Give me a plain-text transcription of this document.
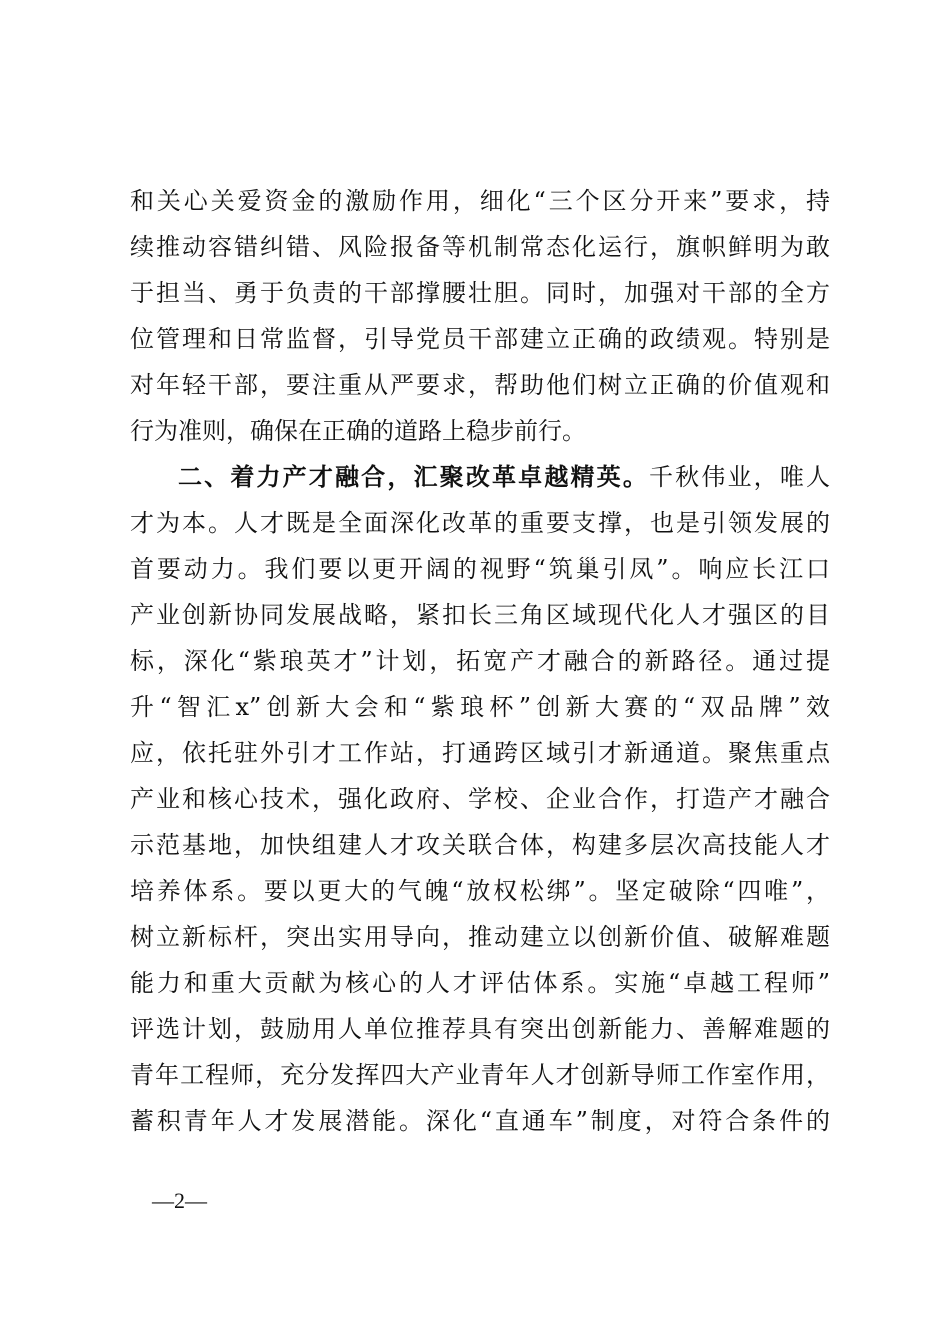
和关心关爱资金的激励作用，细化“三个区分开来”要求，持
续推动容错纠错、风险报备等机制常态化运行，旗帜鲜明为敢
于担当、勇于负责的干部撑腰壮胆。同时，加强对干部的全方
位管理和日常监督，引导党员干部建立正确的政绩观。特别是
对年轻干部，要注重从严要求，帮助他们树立正确的价值观和
行为准则，确保在正确的道路上稳步前行。
二、着力产才融合，汇聚改革卓越精英。千秋伟业，唯人
才为本。人才既是全面深化改革的重要支撑，也是引领发展的
首要动力。我们要以更开阔的视野“筑巢引凤”。响应长江口
产业创新协同发展战略，紧扣长三角区域现代化人才强区的目
标，深化“紫琅英才”计划，拓宽产才融合的新路径。通过提
升“智汇x”创新大会和“紫琅杯”创新大赛的“双品牌”效
应，依托驻外引才工作站，打通跨区域引才新通道。聚焦重点
产业和核心技术，强化政府、学校、企业合作，打造产才融合
示范基地，加快组建人才攻关联合体，构建多层次高技能人才
培养体系。要以更大的气魄“放权松绑”。坚定破除“四唯”，
树立新标杆，突出实用导向，推动建立以创新价值、破解难题
能力和重大贡献为核心的人才评估体系。实施“卓越工程师”
评选计划，鼓励用人单位推荐具有突出创新能力、善解难题的
青年工程师，充分发挥四大产业青年人才创新导师工作室作用，
蓄积青年人才发展潜能。深化“直通车”制度，对符合条件的
—2—
